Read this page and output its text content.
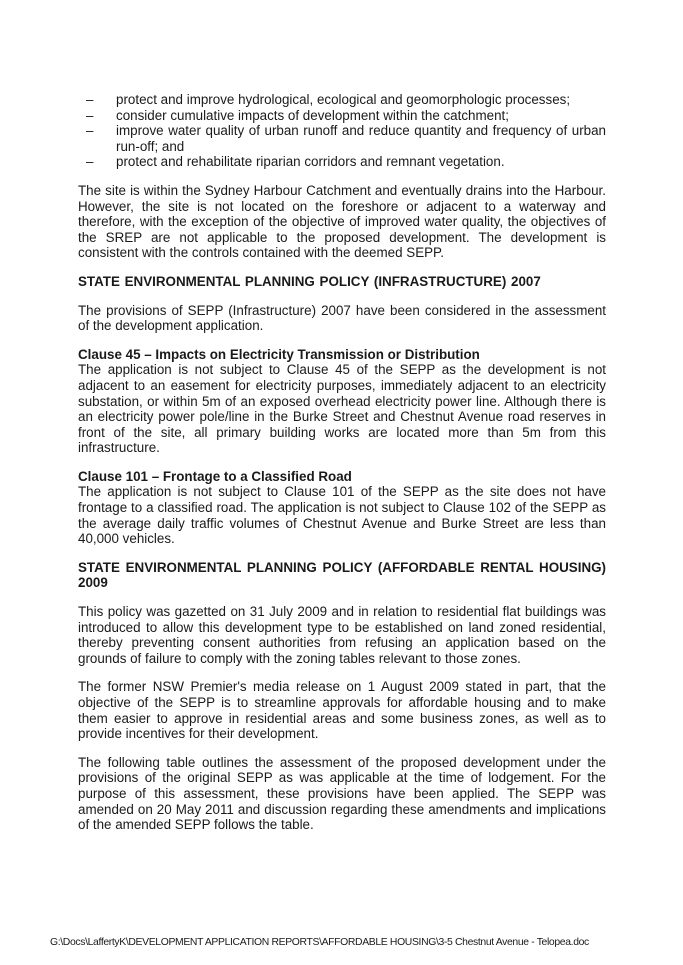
– protect and improve hydrological, ecological and geomorphologic processes;
– consider cumulative impacts of development within the catchment;
– improve water quality of urban runoff and reduce quantity and frequency of urban run-off; and
– protect and rehabilitate riparian corridors and remnant vegetation.

The site is within the Sydney Harbour Catchment and eventually drains into the Harbour. However, the site is not located on the foreshore or adjacent to a waterway and therefore, with the exception of the objective of improved water quality, the objectives of the SREP are not applicable to the proposed development. The development is consistent with the controls contained with the deemed SEPP.

STATE ENVIRONMENTAL PLANNING POLICY (INFRASTRUCTURE) 2007

The provisions of SEPP (Infrastructure) 2007 have been considered in the assessment of the development application.

Clause 45 – Impacts on Electricity Transmission or Distribution

The application is not subject to Clause 45 of the SEPP as the development is not adjacent to an easement for electricity purposes, immediately adjacent to an electricity substation, or within 5m of an exposed overhead electricity power line. Although there is an electricity power pole/line in the Burke Street and Chestnut Avenue road reserves in front of the site, all primary building works are located more than 5m from this infrastructure.

Clause 101 – Frontage to a Classified Road

The application is not subject to Clause 101 of the SEPP as the site does not have frontage to a classified road. The application is not subject to Clause 102 of the SEPP as the average daily traffic volumes of Chestnut Avenue and Burke Street are less than 40,000 vehicles.

STATE ENVIRONMENTAL PLANNING POLICY (AFFORDABLE RENTAL HOUSING) 2009

This policy was gazetted on 31 July 2009 and in relation to residential flat buildings was introduced to allow this development type to be established on land zoned residential, thereby preventing consent authorities from refusing an application based on the grounds of failure to comply with the zoning tables relevant to those zones.

The former NSW Premier's media release on 1 August 2009 stated in part, that the objective of the SEPP is to streamline approvals for affordable housing and to make them easier to approve in residential areas and some business zones, as well as to provide incentives for their development.

The following table outlines the assessment of the proposed development under the provisions of the original SEPP as was applicable at the time of lodgement. For the purpose of this assessment, these provisions have been applied. The SEPP was amended on 20 May 2011 and discussion regarding these amendments and implications of the amended SEPP follows the table.

G:\Docs\LaffertyK\DEVELOPMENT APPLICATION REPORTS\AFFORDABLE HOUSING\3-5 Chestnut Avenue - Telopea.doc
